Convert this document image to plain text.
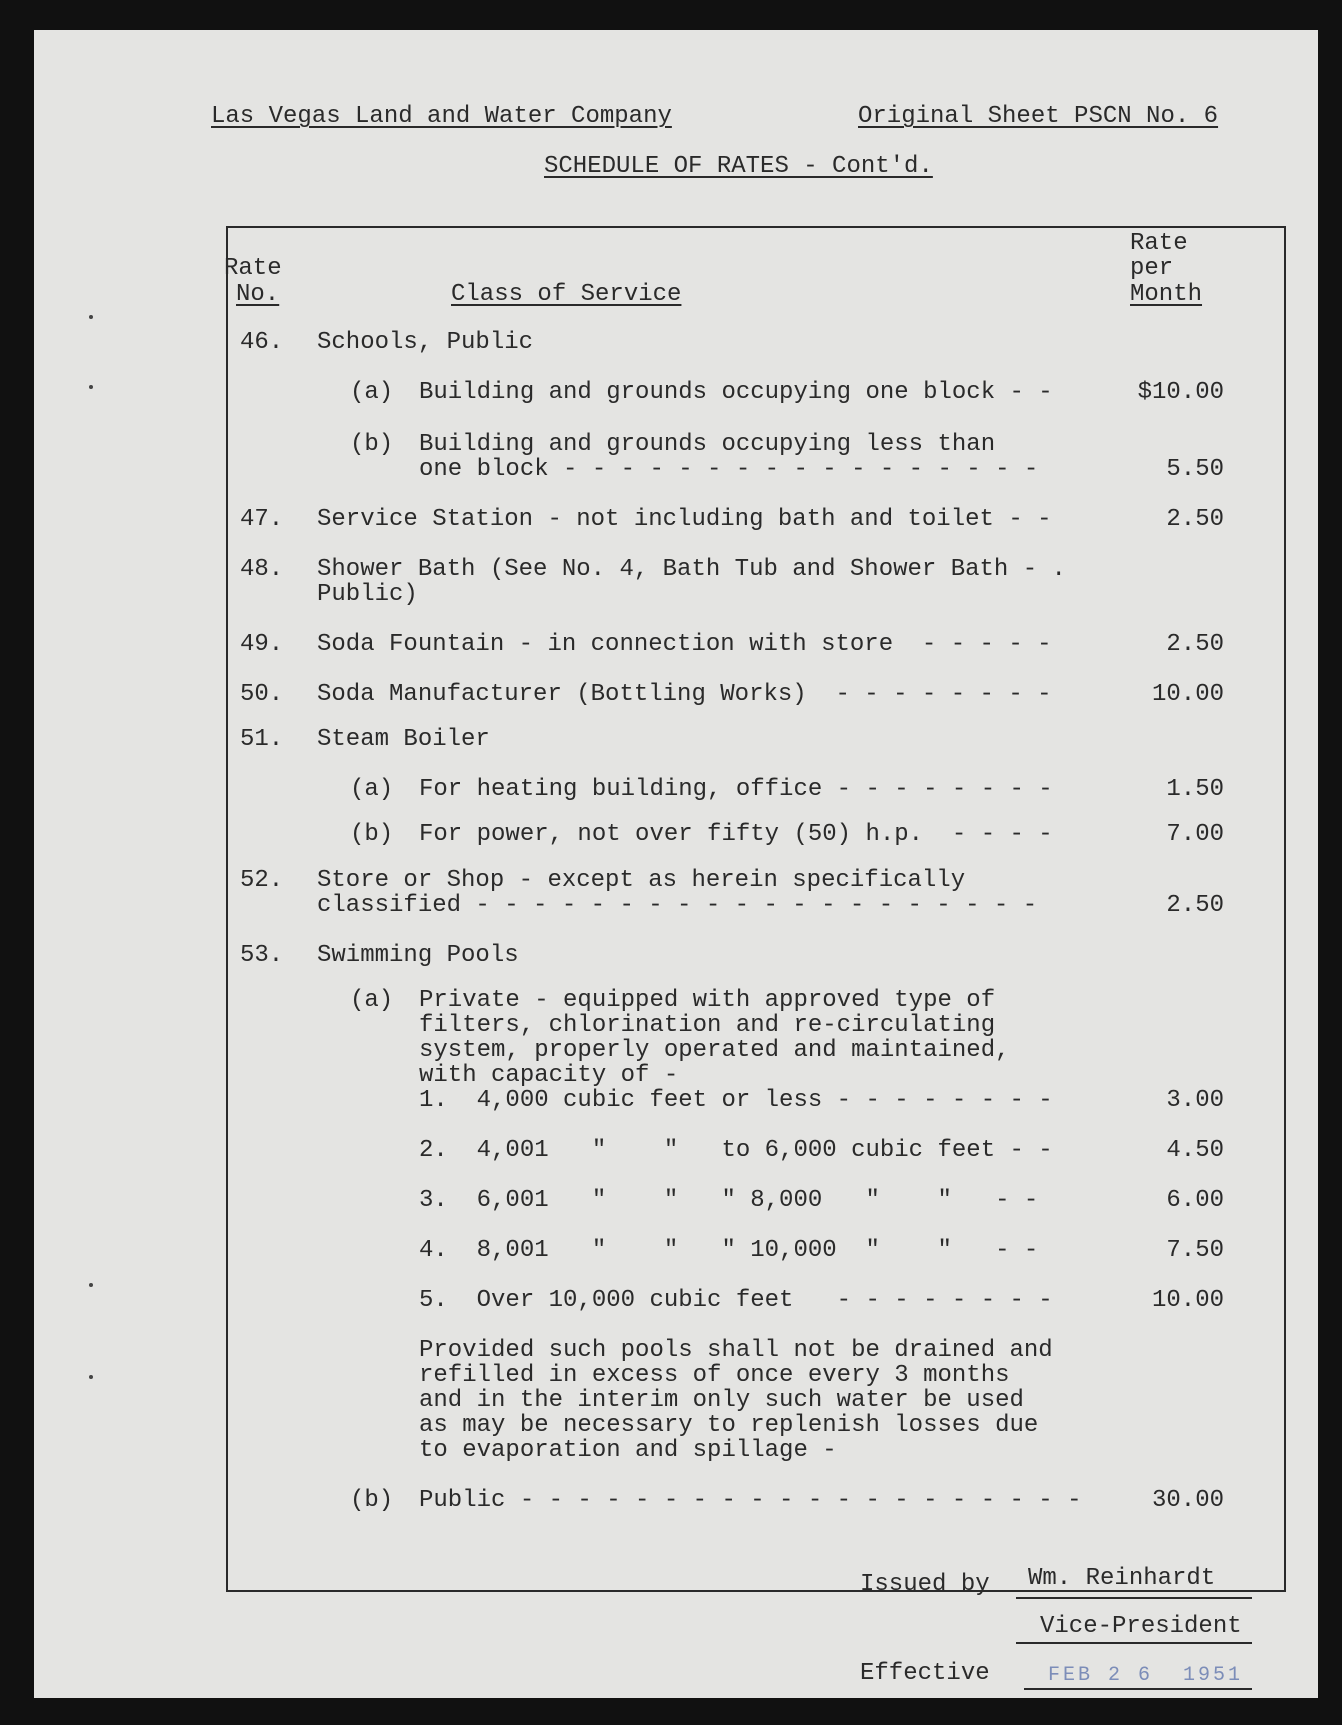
Las Vegas Land and Water Company	Original Sheet PSCN No. 6
SCHEDULE OF RATES - Cont'd.
Rate
No.	Class of Service
Rate
per
Month
46. Schools, Public
(a) Building and grounds occupying one block - -	$10.00
(b) Building and grounds occupying less than
one block - - - - - - - - - - - - - - - - -	5.50
47. Service Station - not including bath and toilet - -	2.50
48. Shower Bath (See No. 4, Bath Tub and Shower Bath - .
Public)
49. Soda Fountain - in connection with store  - - - - -	2.50
50. Soda Manufacturer (Bottling Works)  - - - - - - - -	10.00
51. Steam Boiler
(a) For heating building, office - - - - - - - -	1.50
(b) For power, not over fifty (50) h.p.  - - - -	7.00
52. Store or Shop - except as herein specifically
classified - - - - - - - - - - - - - - - - - - - -	2.50
53. Swimming Pools
(a) Private - equipped with approved type of
filters, chlorination and re-circulating
system, properly operated and maintained,
with capacity of -
1.  4,000 cubic feet or less - - - - - - - -	3.00
2.  4,001   "    "   to 6,000 cubic feet - -	4.50
3.  6,001   "    "   " 8,000   "    "   - -	6.00
4.  8,001   "    "   " 10,000  "    "   - -	7.50
5.  Over 10,000 cubic feet   - - - - - - - -	10.00
Provided such pools shall not be drained and
refilled in excess of once every 3 months
and in the interim only such water be used
as may be necessary to replenish losses due
to evaporation and spillage -
(b) Public - - - - - - - - - - - - - - - - - - - -	30.00
Issued by Wm. Reinhardt
Vice-President
Effective	FEB 2 6  1951
